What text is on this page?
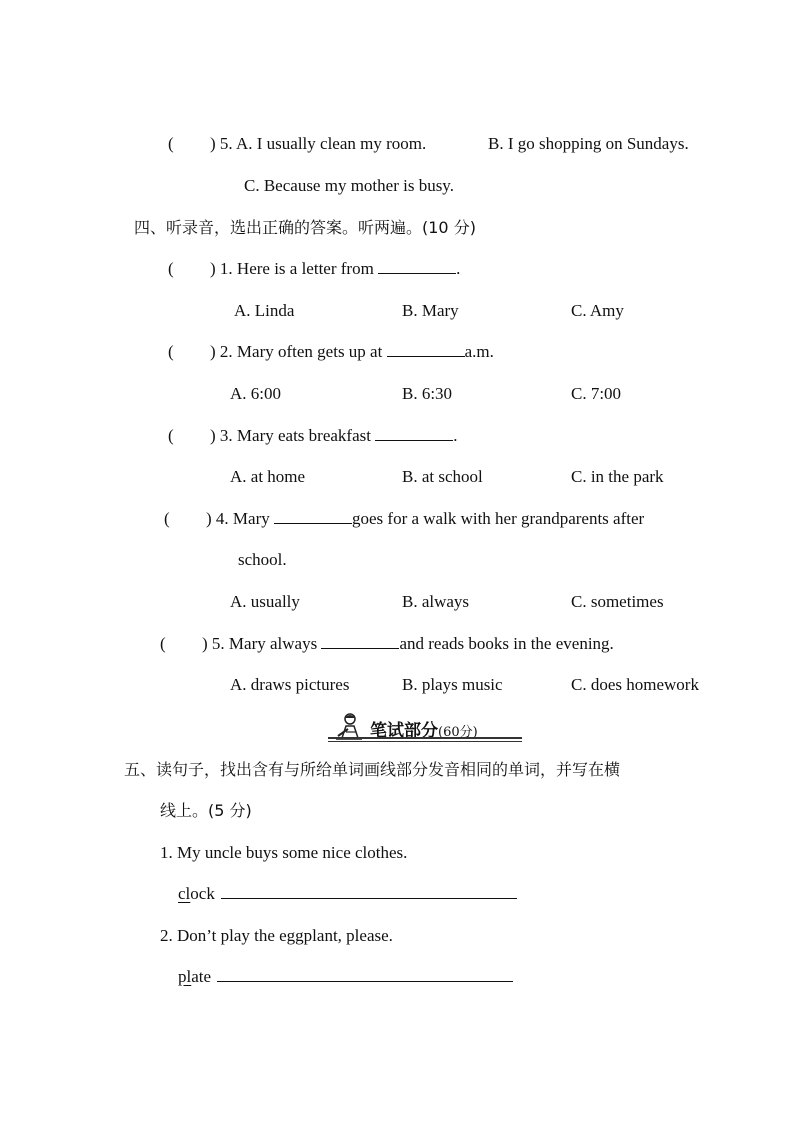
( ) 5. A. I usually clean my room.	B. I go shopping on Sundays.
C. Because my mother is busy.
四、听录音，选出正确的答案。听两遍。(10 分)
( ) 1. Here is a letter from	.
A. Linda	B. Mary	C. Amy
( ) 2. Mary often gets up at	a.m.
A. 6:00	B. 6:30	C. 7:00
( ) 3. Mary eats breakfast	.
A. at home	B. at school	C. in the park
( ) 4. Mary	goes for a walk with her grandparents after
school.
A. usually	B. always	C. sometimes
( ) 5. Mary always	and reads books in the evening.
A. draws pictures	B. plays music	C. does homework
笔试部分(60分)
五、读句子，找出含有与所给单词画线部分发音相同的单词，并写在横
线上。(5 分)
1. My uncle buys some nice clothes.
clock
2. Don’t play the eggplant, please.
plate
